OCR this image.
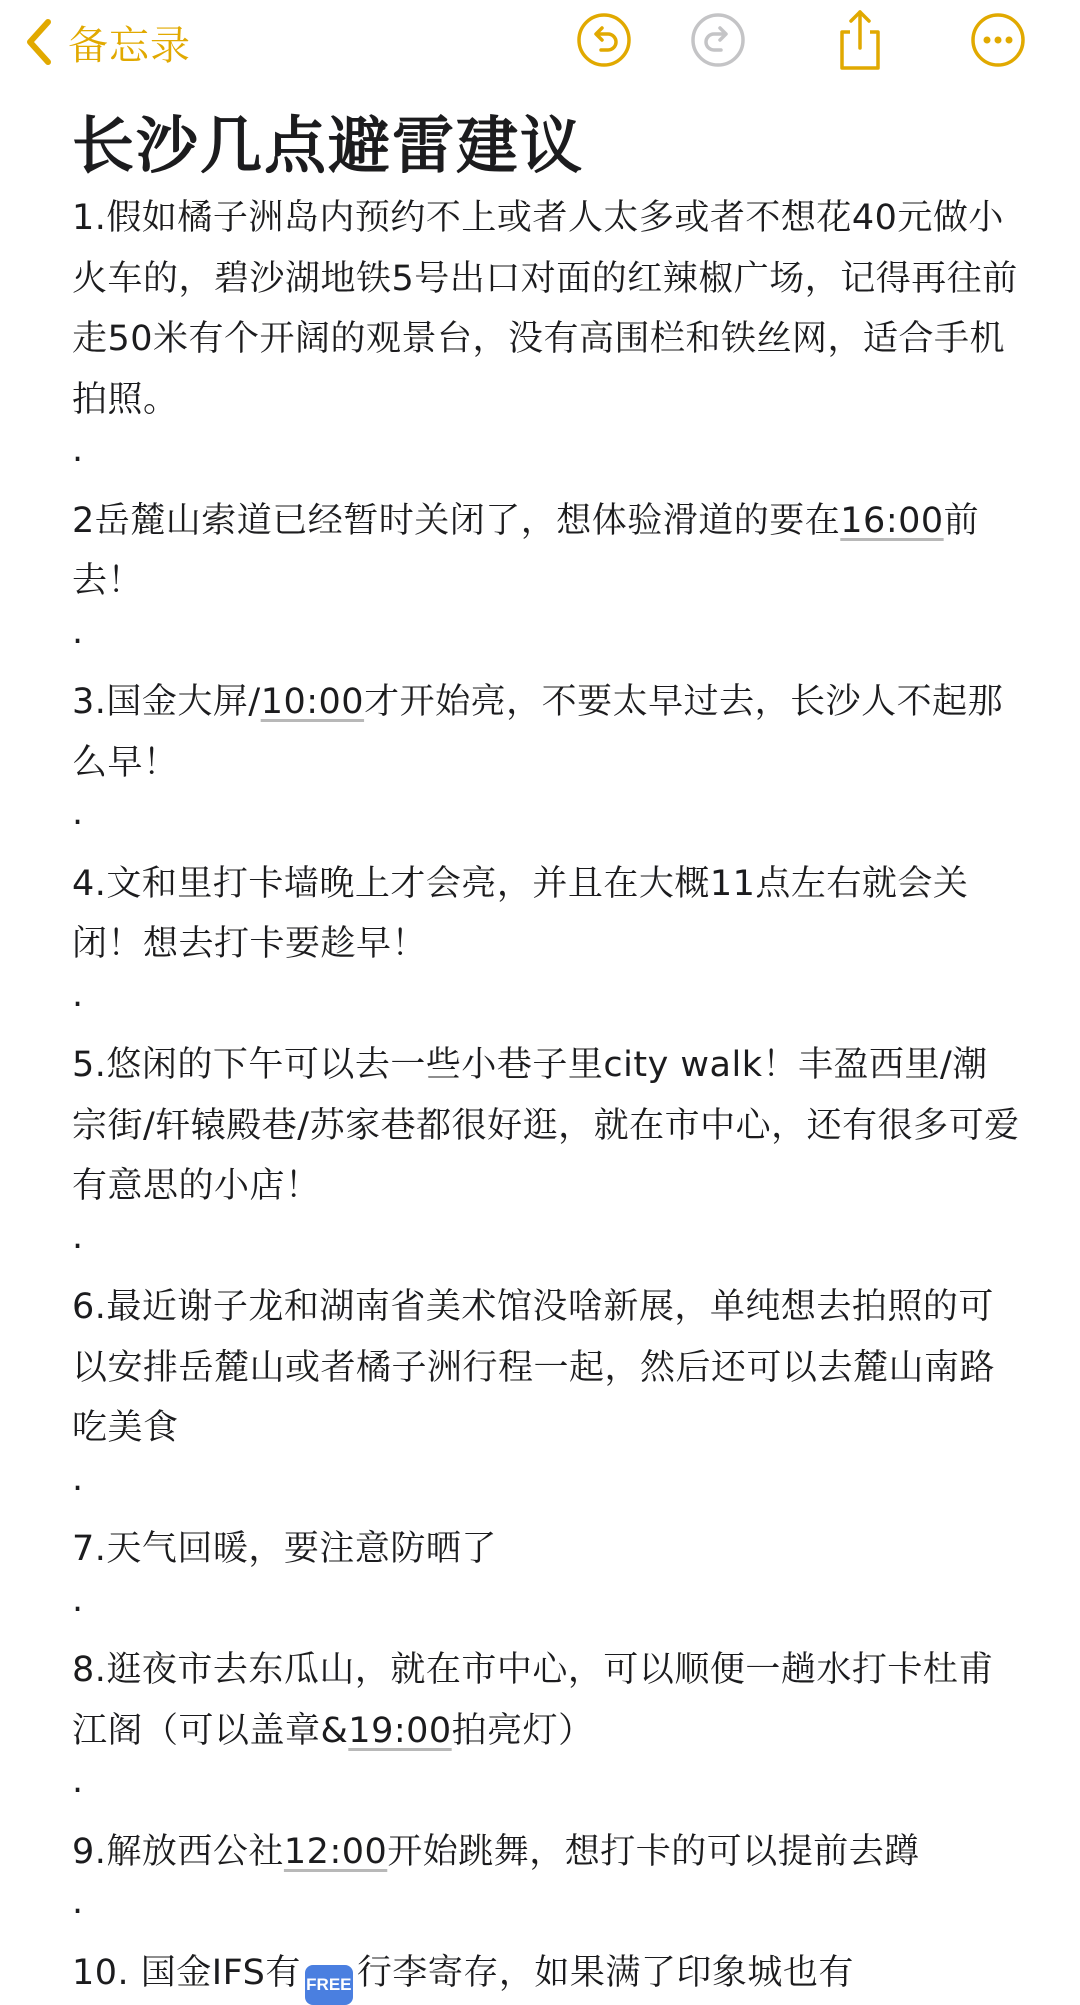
备忘录
长沙几点避雷建议

1.假如橘子洲岛内预约不上或者人太多或者不想花40元做小火车的，碧沙湖地铁5号出口对面的红辣椒广场，记得再往前走50米有个开阔的观景台，没有高围栏和铁丝网，适合手机拍照。

·

2岳麓山索道已经暂时关闭了，想体验滑道的要在16:00前去！

·

3.国金大屏/10:00才开始亮，不要太早过去，长沙人不起那么早！

·

4.文和里打卡墙晚上才会亮，并且在大概11点左右就会关闭！想去打卡要趁早！

·

5.悠闲的下午可以去一些小巷子里city walk！丰盈西里/潮宗街/轩辕殿巷/苏家巷都很好逛，就在市中心，还有很多可爱有意思的小店！

·

6.最近谢子龙和湖南省美术馆没啥新展，单纯想去拍照的可以安排岳麓山或者橘子洲行程一起，然后还可以去麓山南路吃美食

·

7.天气回暖，要注意防晒了

·

8.逛夜市去东瓜山，就在市中心，可以顺便一趟水打卡杜甫江阁（可以盖章&19:00拍亮灯）

·

9.解放西公社12:00开始跳舞，想打卡的可以提前去蹲

·

10. 国金IFS有 FREE 行李寄存，如果满了印象城也有
